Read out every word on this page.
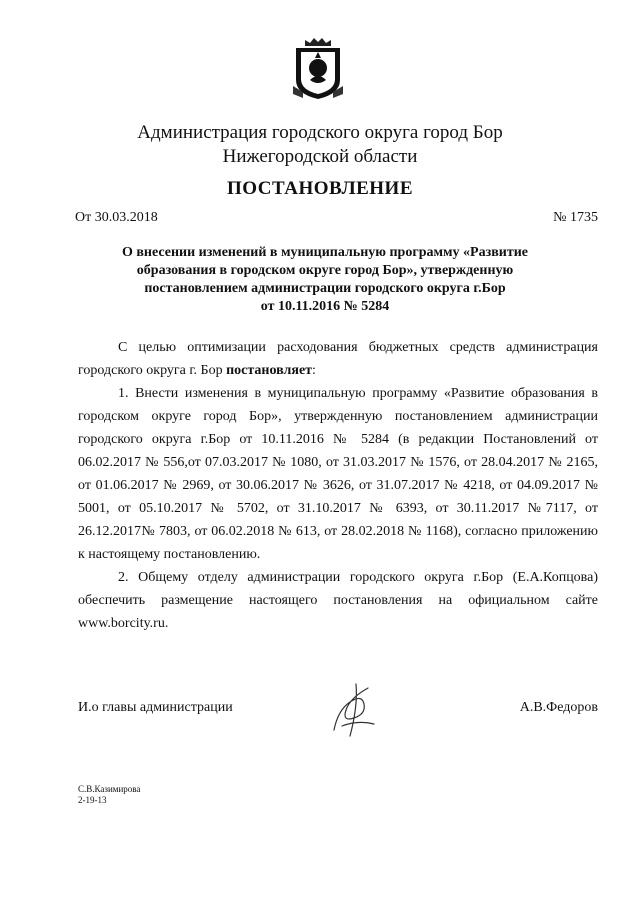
Администрация городского округа город Бор
Нижегородской области
ПОСТАНОВЛЕНИЕ
От 30.03.2018	№ 1735
О внесении изменений в муниципальную программу «Развитие
образования в городском округе город Бор», утвержденную
постановлением администрации городского округа г.Бор
от 10.11.2016 № 5284

С целью оптимизации расходования бюджетных средств администрация городского округа г. Бор постановляет:

1. Внести изменения в муниципальную программу «Развитие образования в городском округе город Бор», утвержденную постановлением администрации городского округа г.Бор от 10.11.2016 № 5284 (в редакции Постановлений от 06.02.2017 № 556,от 07.03.2017 № 1080, от 31.03.2017 № 1576, от 28.04.2017 № 2165, от 01.06.2017 № 2969, от 30.06.2017 № 3626, от 31.07.2017 № 4218, от 04.09.2017 № 5001, от 05.10.2017 № 5702, от 31.10.2017 № 6393, от 30.11.2017 №7117, от 26.12.2017№ 7803, от 06.02.2018 № 613, от 28.02.2018 № 1168), согласно приложению к настоящему постановлению.

2. Общему отделу администрации городского округа г.Бор (Е.А.Копцова) обеспечить размещение настоящего постановления на официальном сайте www.borcity.ru.

И.о главы администрации	А.В.Федоров
С.В.Казимирова
2-19-13
